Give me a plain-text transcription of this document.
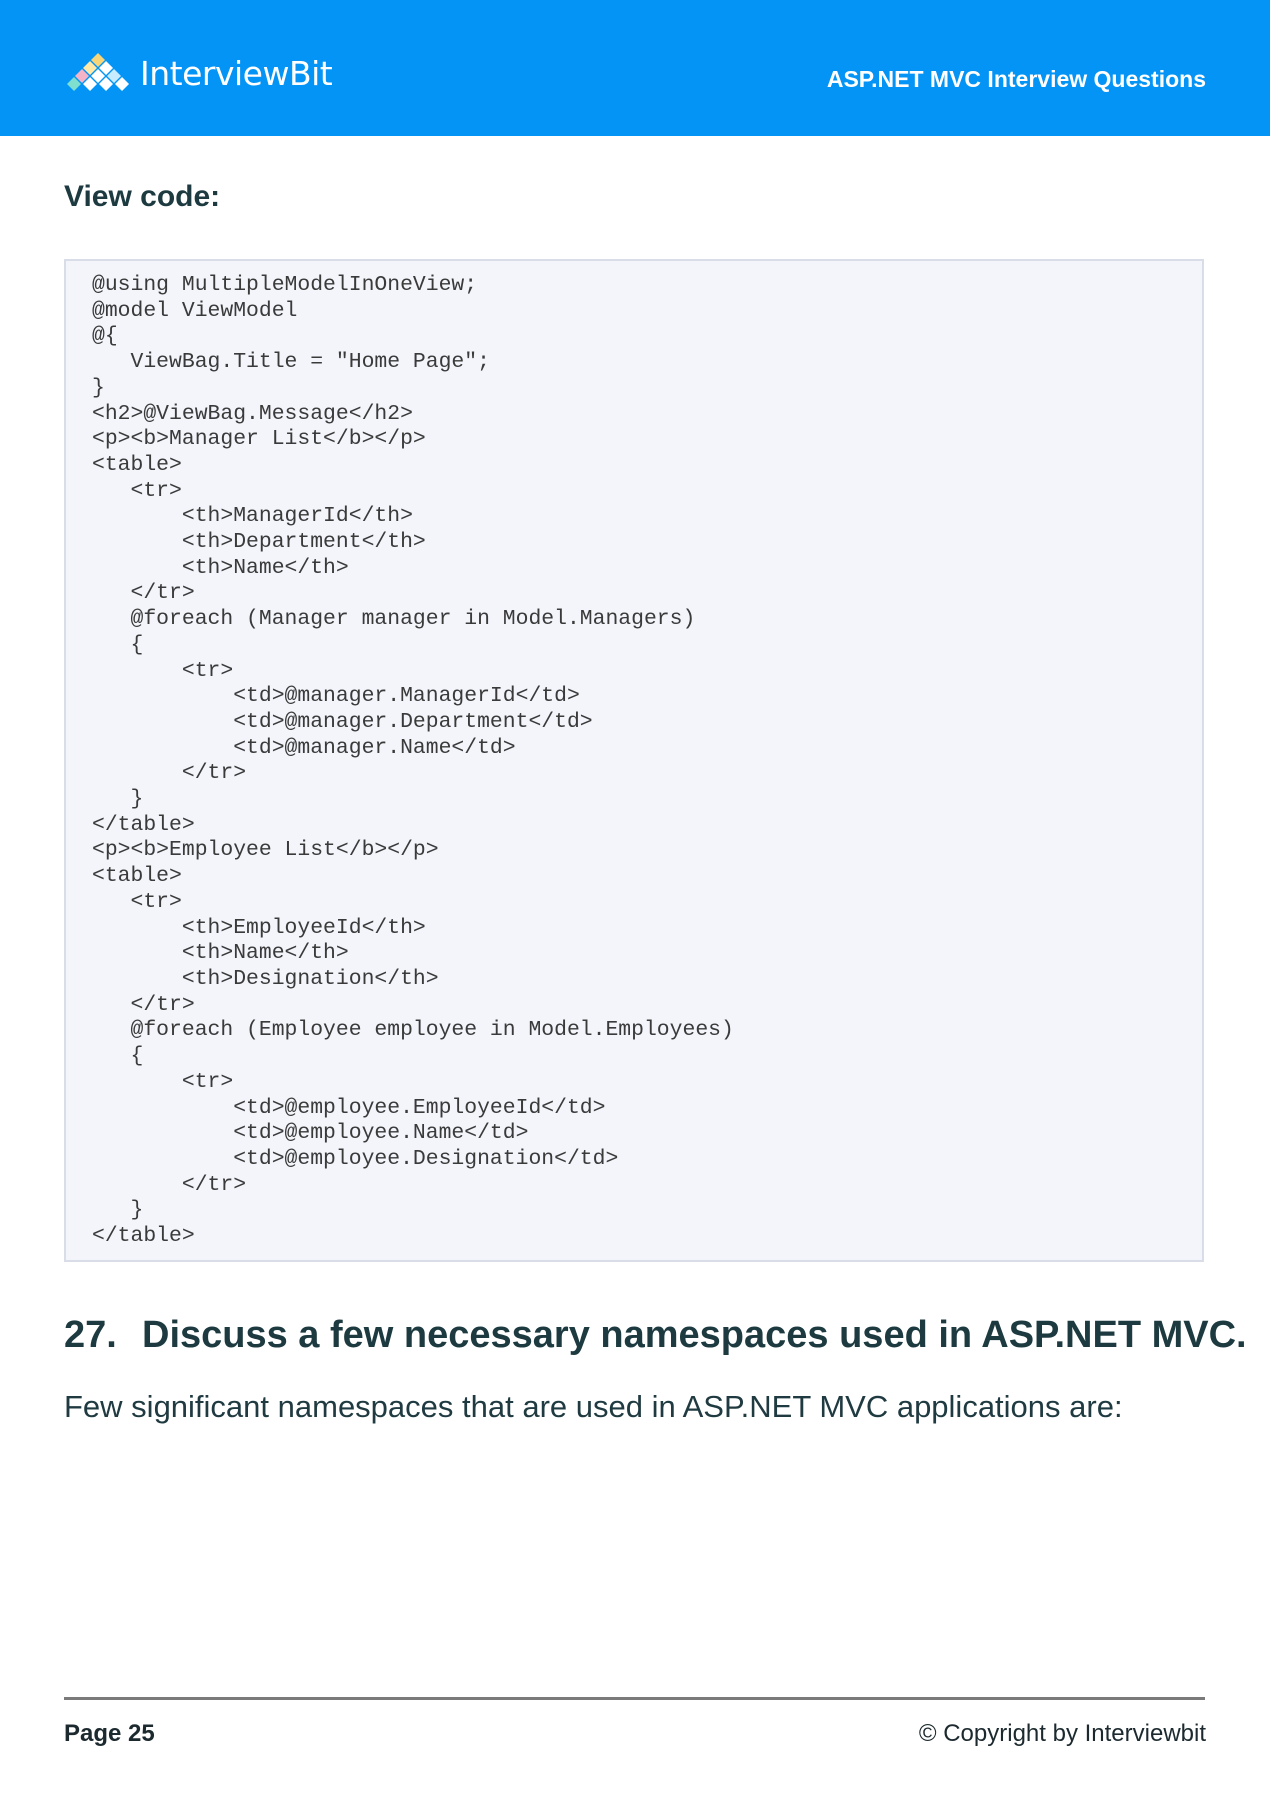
InterviewBit	ASP.NET MVC Interview Questions
View code:
@using MultipleModelInOneView;
@model ViewModel
@{
ViewBag.Title = "Home Page";
}
<h2>@ViewBag.Message</h2>
<p><b>Manager List</b></p>
<table>
<tr>
<th>ManagerId</th>
<th>Department</th>
<th>Name</th>
</tr>
@foreach (Manager manager in Model.Managers)
{
<tr>
<td>@manager.ManagerId</td>
<td>@manager.Department</td>
<td>@manager.Name</td>
</tr>
}
</table>
<p><b>Employee List</b></p>
<table>
<tr>
<th>EmployeeId</th>
<th>Name</th>
<th>Designation</th>
</tr>
@foreach (Employee employee in Model.Employees)
{
<tr>
<td>@employee.EmployeeId</td>
<td>@employee.Name</td>
<td>@employee.Designation</td>
</tr>
}
</table>
27. Discuss a few necessary namespaces used in ASP.NET MVC.
Few significant namespaces that are used in ASP.NET MVC applications are:
Page 25	© Copyright by Interviewbit
